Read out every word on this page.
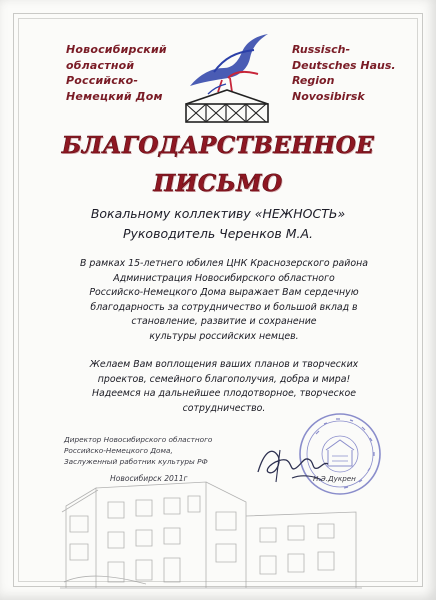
Новосибирский
областной
Российско-
Немецкий Дом
Russisch-
Deutsches Haus.
Region
Novosibirsk
БЛАГОДАРСТВЕННОЕ
ПИСЬМО
Вокальному коллективу «НЕЖНОСТЬ»
Руководитель Черенков М.А.
В рамках 15-летнего юбилея ЦНК Краснозерского района
Администрация Новосибирского областного
Российско-Немецкого Дома выражает Вам сердечную
благодарность за сотрудничество и большой вклад в
становление, развитие и сохранение
культуры российских немцев.
Желаем Вам воплощения ваших планов и творческих
проектов, семейного благополучия, добра и мира!
Надеемся на дальнейшее плодотворное, творческое
сотрудничество.
Директор Новосибирского областного
Российско-Немецкого Дома,
Заслуженный работник культуры РФ
Н.Э.Дукрен
Новосибирск 2011г
